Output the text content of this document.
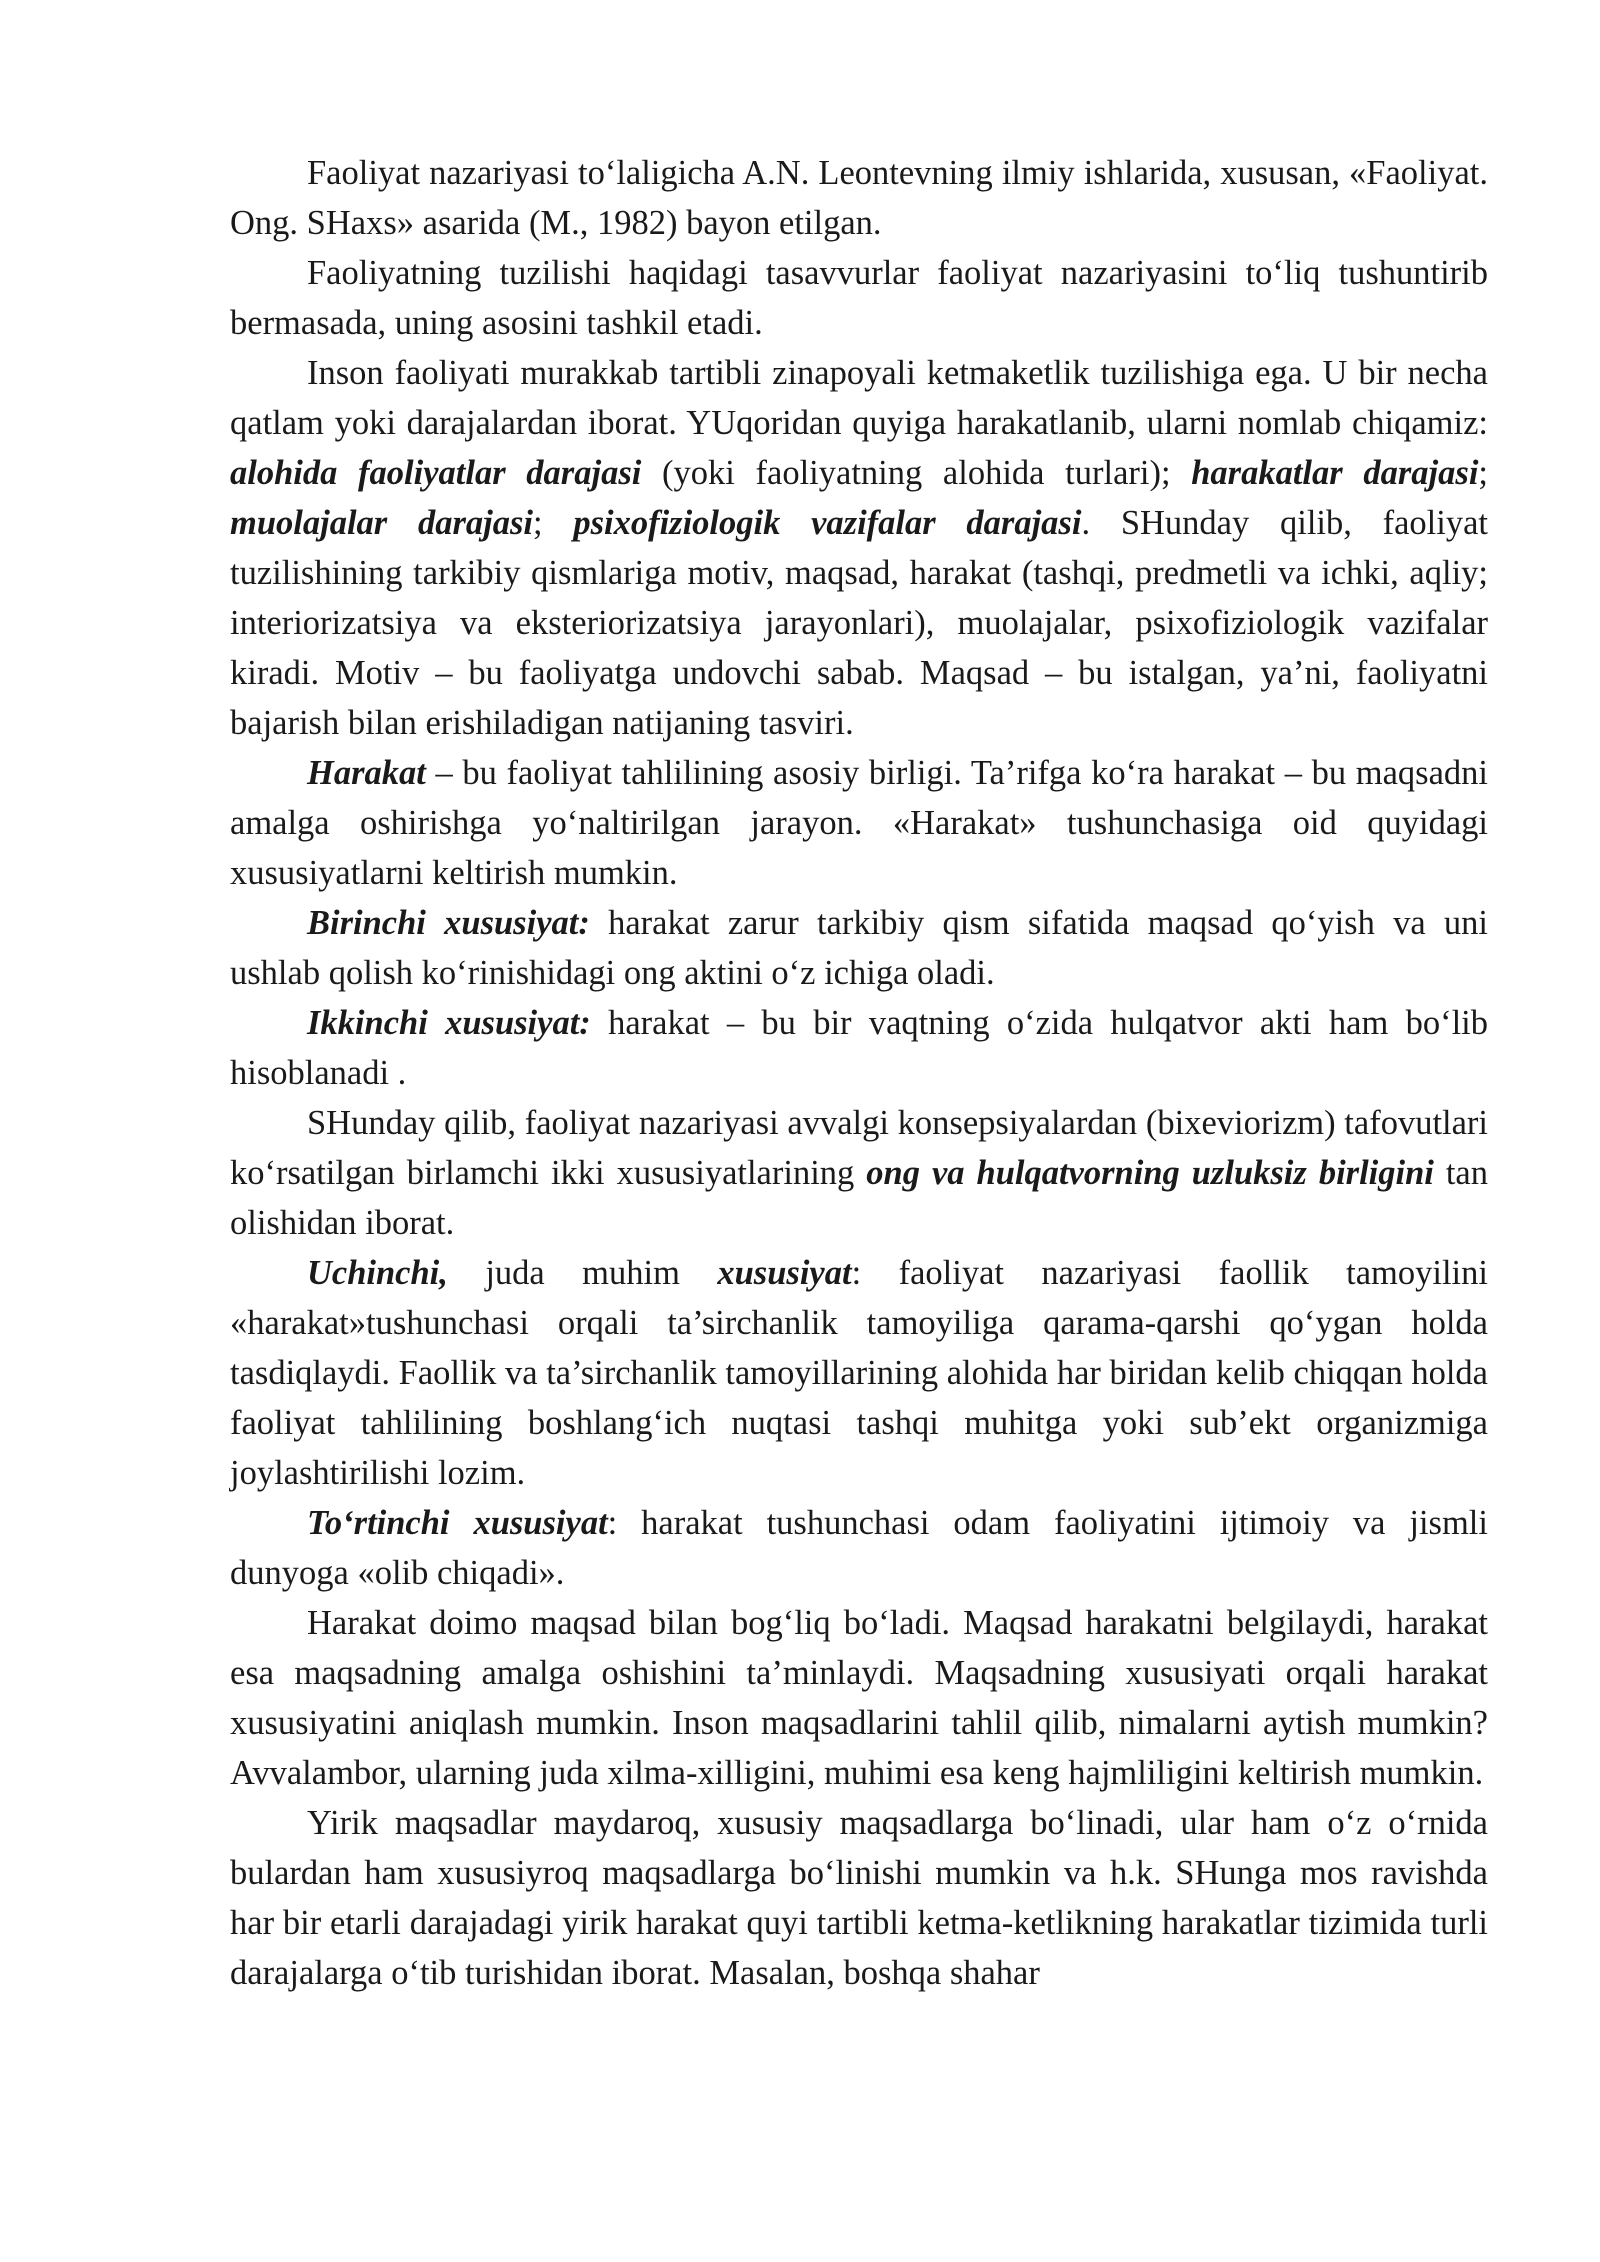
Faoliyat nazariyasi to‘laligicha A.N. Leontevning ilmiy ishlarida, xususan, «Faoliyat. Ong. SHaxs» asarida (M., 1982) bayon etilgan.

Faoliyatning tuzilishi haqidagi tasavvurlar faoliyat nazariyasini to‘liq tushuntirib bermasada, uning asosini tashkil etadi.

Inson faoliyati murakkab tartibli zinapoyali ketmaketlik tuzilishiga ega. U bir necha qatlam yoki darajalardan iborat. YUqoridan quyiga harakatlanib, ularni nomlab chiqamiz: alohida faoliyatlar darajasi (yoki faoliyatning alohida turlari); harakatlar darajasi; muolajalar darajasi; psixofiziologik vazifalar darajasi. SHunday qilib, faoliyat tuzilishining tarkibiy qismlariga motiv, maqsad, harakat (tashqi, predmetli va ichki, aqliy; interiorizatsiya va eksteriorizatsiya jarayonlari), muolajalar, psixofiziologik vazifalar kiradi. Motiv – bu faoliyatga undovchi sabab. Maqsad – bu istalgan, ya’ni, faoliyatni bajarish bilan erishiladigan natijaning tasviri.

Harakat – bu faoliyat tahlilining asosiy birligi. Ta’rifga ko‘ra harakat – bu maqsadni amalga oshirishga yo‘naltirilgan jarayon. «Harakat» tushunchasiga oid quyidagi xususiyatlarni keltirish mumkin.

Birinchi xususiyat: harakat zarur tarkibiy qism sifatida maqsad qo‘yish va uni ushlab qolish ko‘rinishidagi ong aktini o‘z ichiga oladi.

Ikkinchi xususiyat: harakat – bu bir vaqtning o‘zida hulqatvor akti ham bo‘lib hisoblanadi .

SHunday qilib, faoliyat nazariyasi avvalgi konsepsiyalardan (bixeviorizm) tafovutlari ko‘rsatilgan birlamchi ikki xususiyatlarining ong va hulqatvorning uzluksiz birligini tan olishidan iborat.

Uchinchi, juda muhim xususiyat: faoliyat nazariyasi faollik tamoyilini «harakat»tushunchasi orqali ta’sirchanlik tamoyiliga qarama-qarshi qo‘ygan holda tasdiqlaydi. Faollik va ta’sirchanlik tamoyillarining alohida har biridan kelib chiqqan holda faoliyat tahlilining boshlang‘ich nuqtasi tashqi muhitga yoki sub’ekt organizmiga joylashtirilishi lozim.

To‘rtinchi xususiyat: harakat tushunchasi odam faoliyatini ijtimoiy va jismli dunyoga «olib chiqadi».

Harakat doimo maqsad bilan bog‘liq bo‘ladi. Maqsad harakatni belgilaydi, harakat esa maqsadning amalga oshishini ta’minlaydi. Maqsadning xususiyati orqali harakat xususiyatini aniqlash mumkin. Inson maqsadlarini tahlil qilib, nimalarni aytish mumkin? Avvalambor, ularning juda xilma-xilligini, muhimi esa keng hajmliligini keltirish mumkin.

Yirik maqsadlar maydaroq, xususiy maqsadlarga bo‘linadi, ular ham o‘z o‘rnida bulardan ham xususiyroq maqsadlarga bo‘linishi mumkin va h.k. SHunga mos ravishda har bir etarli darajadagi yirik harakat quyi tartibli ketma-ketlikning harakatlar tizimida turli darajalarga o‘tib turishidan iborat. Masalan, boshqa shahar
